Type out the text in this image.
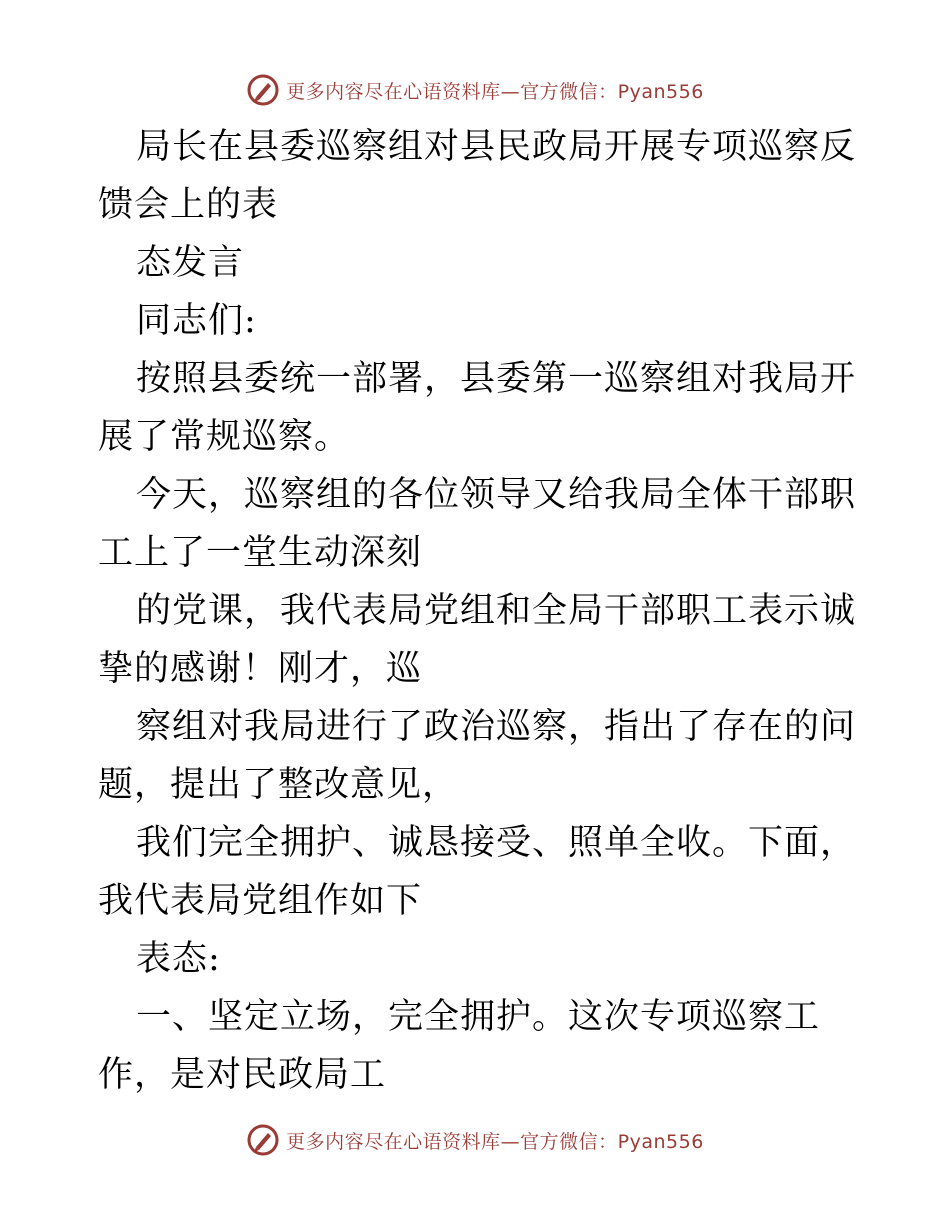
更多内容尽在心语资料库—官方微信：Pyan556

局长在县委巡察组对县民政局开展专项巡察反馈会上的表

态发言

同志们:

按照县委统一部署，县委第一巡察组对我局开展了常规巡察。

今天，巡察组的各位领导又给我局全体干部职工上了一堂生动深刻

的党课，我代表局党组和全局干部职工表示诚挚的感谢！刚才，巡

察组对我局进行了政治巡察，指出了存在的问题，提出了整改意见，

我们完全拥护、诚恳接受、照单全收。下面，我代表局党组作如下

表态:

一、坚定立场，完全拥护。这次专项巡察工作，是对民政局工

更多内容尽在心语资料库—官方微信：Pyan556
